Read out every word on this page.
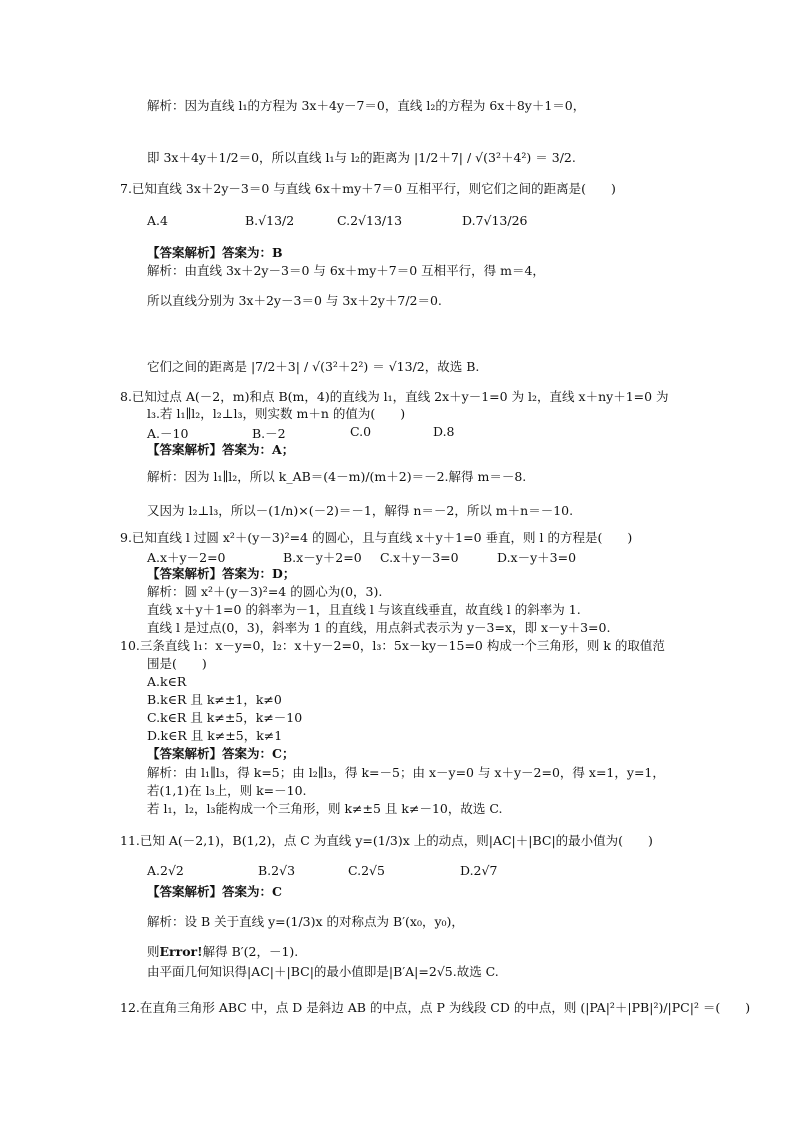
解析：因为直线 l₁的方程为 3x＋4y－7＝0，直线 l₂的方程为 6x＋8y＋1＝0，
即 3x＋4y＋1/2＝0，所以直线 l₁与 l₂的距离为 |1/2＋7| / √(3²＋4²) ＝ 3/2.
7.已知直线 3x＋2y－3＝0 与直线 6x＋my＋7＝0 互相平行，则它们之间的距离是(　　)
A.4	B.√13/2	C.2√13/13	D.7√13/26
【答案解析】答案为：B
解析：由直线 3x＋2y－3＝0 与 6x＋my＋7＝0 互相平行，得 m＝4，
所以直线分别为 3x＋2y－3＝0 与 3x＋2y＋7/2＝0.
它们之间的距离是 |7/2＋3| / √(3²＋2²) ＝ √13/2，故选 B.
8.已知过点 A(－2，m)和点 B(m，4)的直线为 l₁，直线 2x＋y－1=0 为 l₂，直线 x＋ny＋1=0 为
l₃.若 l₁∥l₂，l₂⊥l₃，则实数 m＋n 的值为(　　)
A.－10	B.－2	C.0	D.8
【答案解析】答案为：A；
解析：因为 l₁∥l₂，所以 k_AB＝(4－m)/(m＋2)＝－2.解得 m＝－8.
又因为 l₂⊥l₃，所以－(1/n)×(－2)＝－1，解得 n＝－2，所以 m＋n＝－10.
9.已知直线 l 过圆 x²＋(y－3)²=4 的圆心，且与直线 x＋y＋1=0 垂直，则 l 的方程是(　　)
A.x＋y－2=0	B.x－y＋2=0 C.x＋y－3=0	D.x－y＋3=0
【答案解析】答案为：D；
解析：圆 x²＋(y－3)²=4 的圆心为(0，3).
直线 x＋y＋1=0 的斜率为－1，且直线 l 与该直线垂直，故直线 l 的斜率为 1.
直线 l 是过点(0，3)，斜率为 1 的直线，用点斜式表示为 y－3=x，即 x－y＋3=0.
10.三条直线 l₁：x－y=0，l₂：x＋y－2=0，l₃：5x－ky－15=0 构成一个三角形，则 k 的取值范
围是(　　)
A.k∈R
B.k∈R 且 k≠±1，k≠0
C.k∈R 且 k≠±5，k≠－10
D.k∈R 且 k≠±5，k≠1
【答案解析】答案为：C；
解析：由 l₁∥l₃，得 k=5；由 l₂∥l₃，得 k=－5；由 x－y=0 与 x＋y－2=0，得 x=1，y=1，
若(1,1)在 l₃上，则 k=－10.
若 l₁，l₂，l₃能构成一个三角形，则 k≠±5 且 k≠－10，故选 C.
11.已知 A(－2,1)，B(1,2)，点 C 为直线 y=(1/3)x 上的动点，则|AC|＋|BC|的最小值为(　　)
A.2√2	B.2√3	C.2√5	D.2√7
【答案解析】答案为：C
解析：设 B 关于直线 y=(1/3)x 的对称点为 B′(x₀，y₀)，
则Error!解得 B′(2，－1).
由平面几何知识得|AC|＋|BC|的最小值即是|B′A|=2√5.故选 C.
12.在直角三角形 ABC 中，点 D 是斜边 AB 的中点，点 P 为线段 CD 的中点，则 (|PA|²＋|PB|²)/|PC|² ＝(　　)
